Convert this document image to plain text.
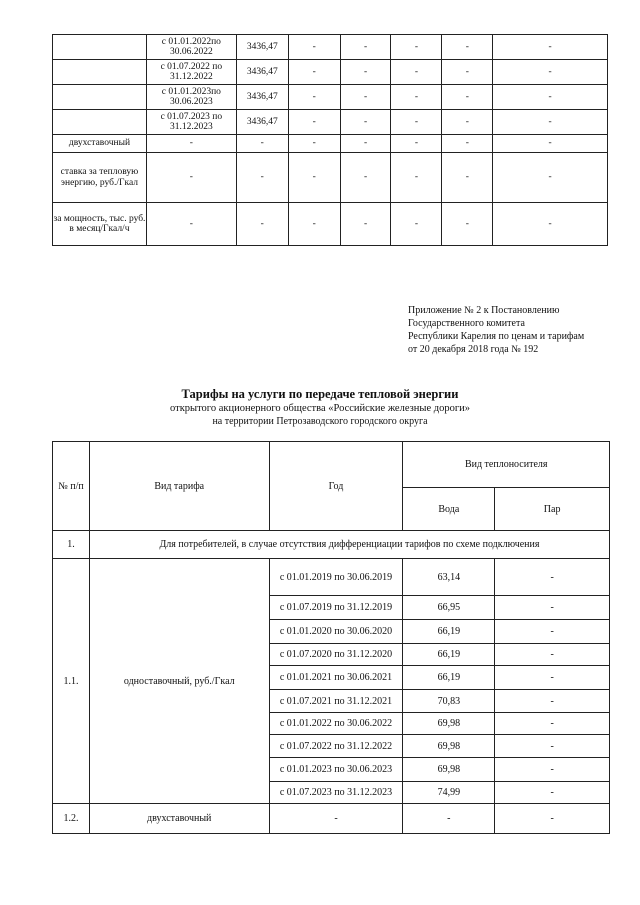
	с 01.01.2022по 30.06.2022	3436,47	-	-	-	-	-
	с 01.07.2022 по 31.12.2022	3436,47	-	-	-	-	-
	с 01.01.2023по 30.06.2023	3436,47	-	-	-	-	-
	с 01.07.2023 по 31.12.2023	3436,47	-	-	-	-	-
двухставочный	-	-	-	-	-	-	-
ставка за тепловую энергию, руб./Гкал	-	-	-	-	-	-	-
за мощность, тыс. руб. в месяц/Гкал/ч	-	-	-	-	-	-	-
Приложение № 2 к Постановлению
Государственного комитета
Республики Карелия по ценам и тарифам
от 20 декабря 2018 года № 192
Тарифы на услуги по передаче тепловой энергии
открытого акционерного общества «Российские железные дороги»
на территории Петрозаводского городского округа
№ п/п	Вид тарифа	Год	Вид теплоносителя	
			Вода	Пар
1.	Для потребителей, в случае отсутствия дифференциации тарифов по схеме подключения			
1.1.	одноставочный, руб./Гкал	с 01.01.2019 по 30.06.2019	63,14	-
		с 01.07.2019 по 31.12.2019	66,95	-
		с 01.01.2020 по 30.06.2020	66,19	-
		с 01.07.2020 по 31.12.2020	66,19	-
		с 01.01.2021 по 30.06.2021	66,19	-
		с 01.07.2021 по 31.12.2021	70,83	-
		с 01.01.2022 по 30.06.2022	69,98	-
		с 01.07.2022 по 31.12.2022	69,98	-
		с 01.01.2023 по 30.06.2023	69,98	-
		с 01.07.2023 по 31.12.2023	74,99	-
1.2.	двухставочный	-	-	-
